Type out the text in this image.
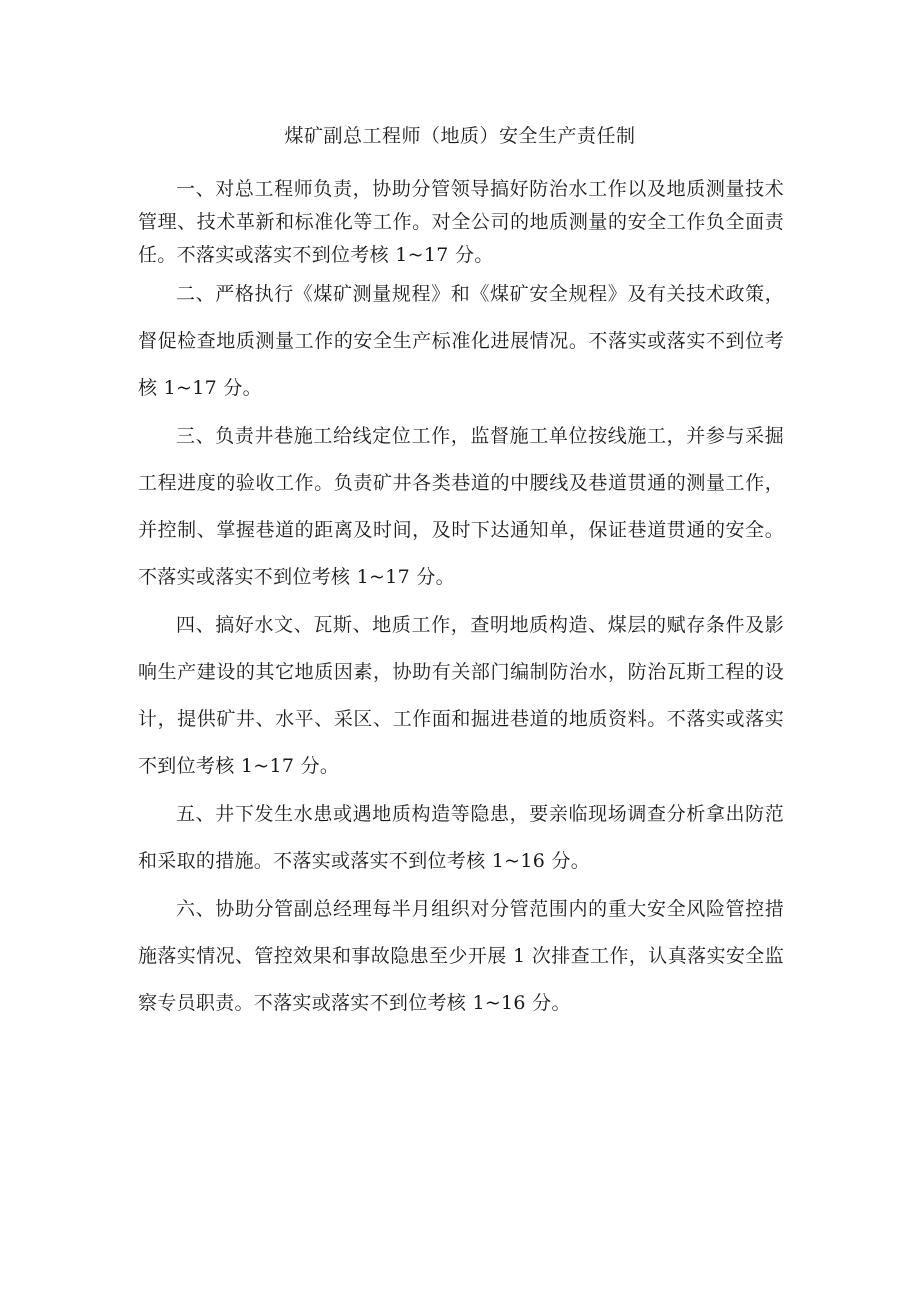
煤矿副总工程师（地质）安全生产责任制

一、对总工程师负责，协助分管领导搞好防治水工作以及地质测量技术管理、技术革新和标准化等工作。对全公司的地质测量的安全工作负全面责任。不落实或落实不到位考核 1~17 分。

二、严格执行《煤矿测量规程》和《煤矿安全规程》及有关技术政策，督促检查地质测量工作的安全生产标准化进展情况。不落实或落实不到位考核 1~17 分。

三、负责井巷施工给线定位工作，监督施工单位按线施工，并参与采掘工程进度的验收工作。负责矿井各类巷道的中腰线及巷道贯通的测量工作，并控制、掌握巷道的距离及时间，及时下达通知单，保证巷道贯通的安全。不落实或落实不到位考核 1~17 分。

四、搞好水文、瓦斯、地质工作，查明地质构造、煤层的赋存条件及影响生产建设的其它地质因素，协助有关部门编制防治水，防治瓦斯工程的设计，提供矿井、水平、采区、工作面和掘进巷道的地质资料。不落实或落实不到位考核 1~17 分。

五、井下发生水患或遇地质构造等隐患，要亲临现场调查分析拿出防范和采取的措施。不落实或落实不到位考核 1~16 分。

六、协助分管副总经理每半月组织对分管范围内的重大安全风险管控措施落实情况、管控效果和事故隐患至少开展 1 次排查工作，认真落实安全监察专员职责。不落实或落实不到位考核 1~16 分。
